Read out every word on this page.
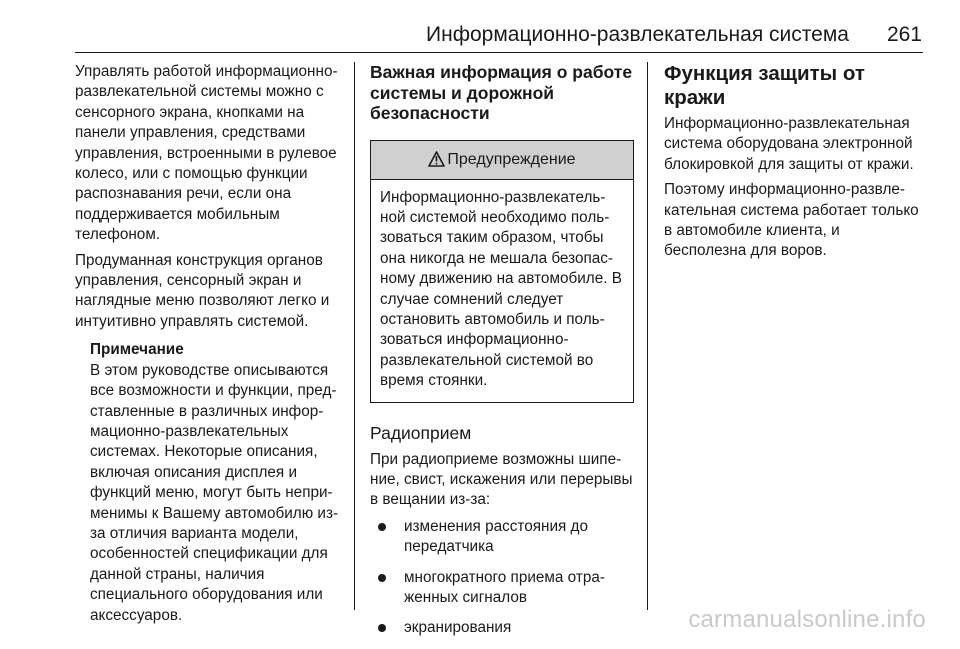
Информационно-развлекательная система 261

Управлять работой информационно-развлекательной системы можно с сенсорного экрана, кнопками на панели управления, средствами управления, встроенными в рулевое колесо, или с помощью функции распознавания речи, если она поддерживается мобильным телефоном.

Продуманная конструкция органов управления, сенсорный экран и наглядные меню позволяют легко и интуитивно управлять системой.

Примечание
В этом руководстве описываются все возможности и функции, представленные в различных информационно-развлекательных системах. Некоторые описания, включая описания дисплея и функций меню, могут быть неприменимы к Вашему автомобилю из-за отличия варианта модели, особенностей спецификации для данной страны, наличия специального оборудования или аксессуаров.
Важная информация о работе системы и дорожной безопасности
Предупреждение
Информационно-развлекательной системой необходимо пользоваться таким образом, чтобы она никогда не мешала безопасному движению на автомобиле. В случае сомнений следует остановить автомобиль и пользоваться информационно-развлекательной системой во время стоянки.
Радиоприем

При радиоприеме возможны шипение, свист, искажения или перерывы в вещании из-за:

изменения расстояния до передатчика
многократного приема отраженных сигналов
экранирования
Функция защиты от кражи

Информационно-развлекательная система оборудована электронной блокировкой для защиты от кражи.

Поэтому информационно-развлекательная система работает только в автомобиле клиента, и бесполезна для воров.

carmanualsonline.info
